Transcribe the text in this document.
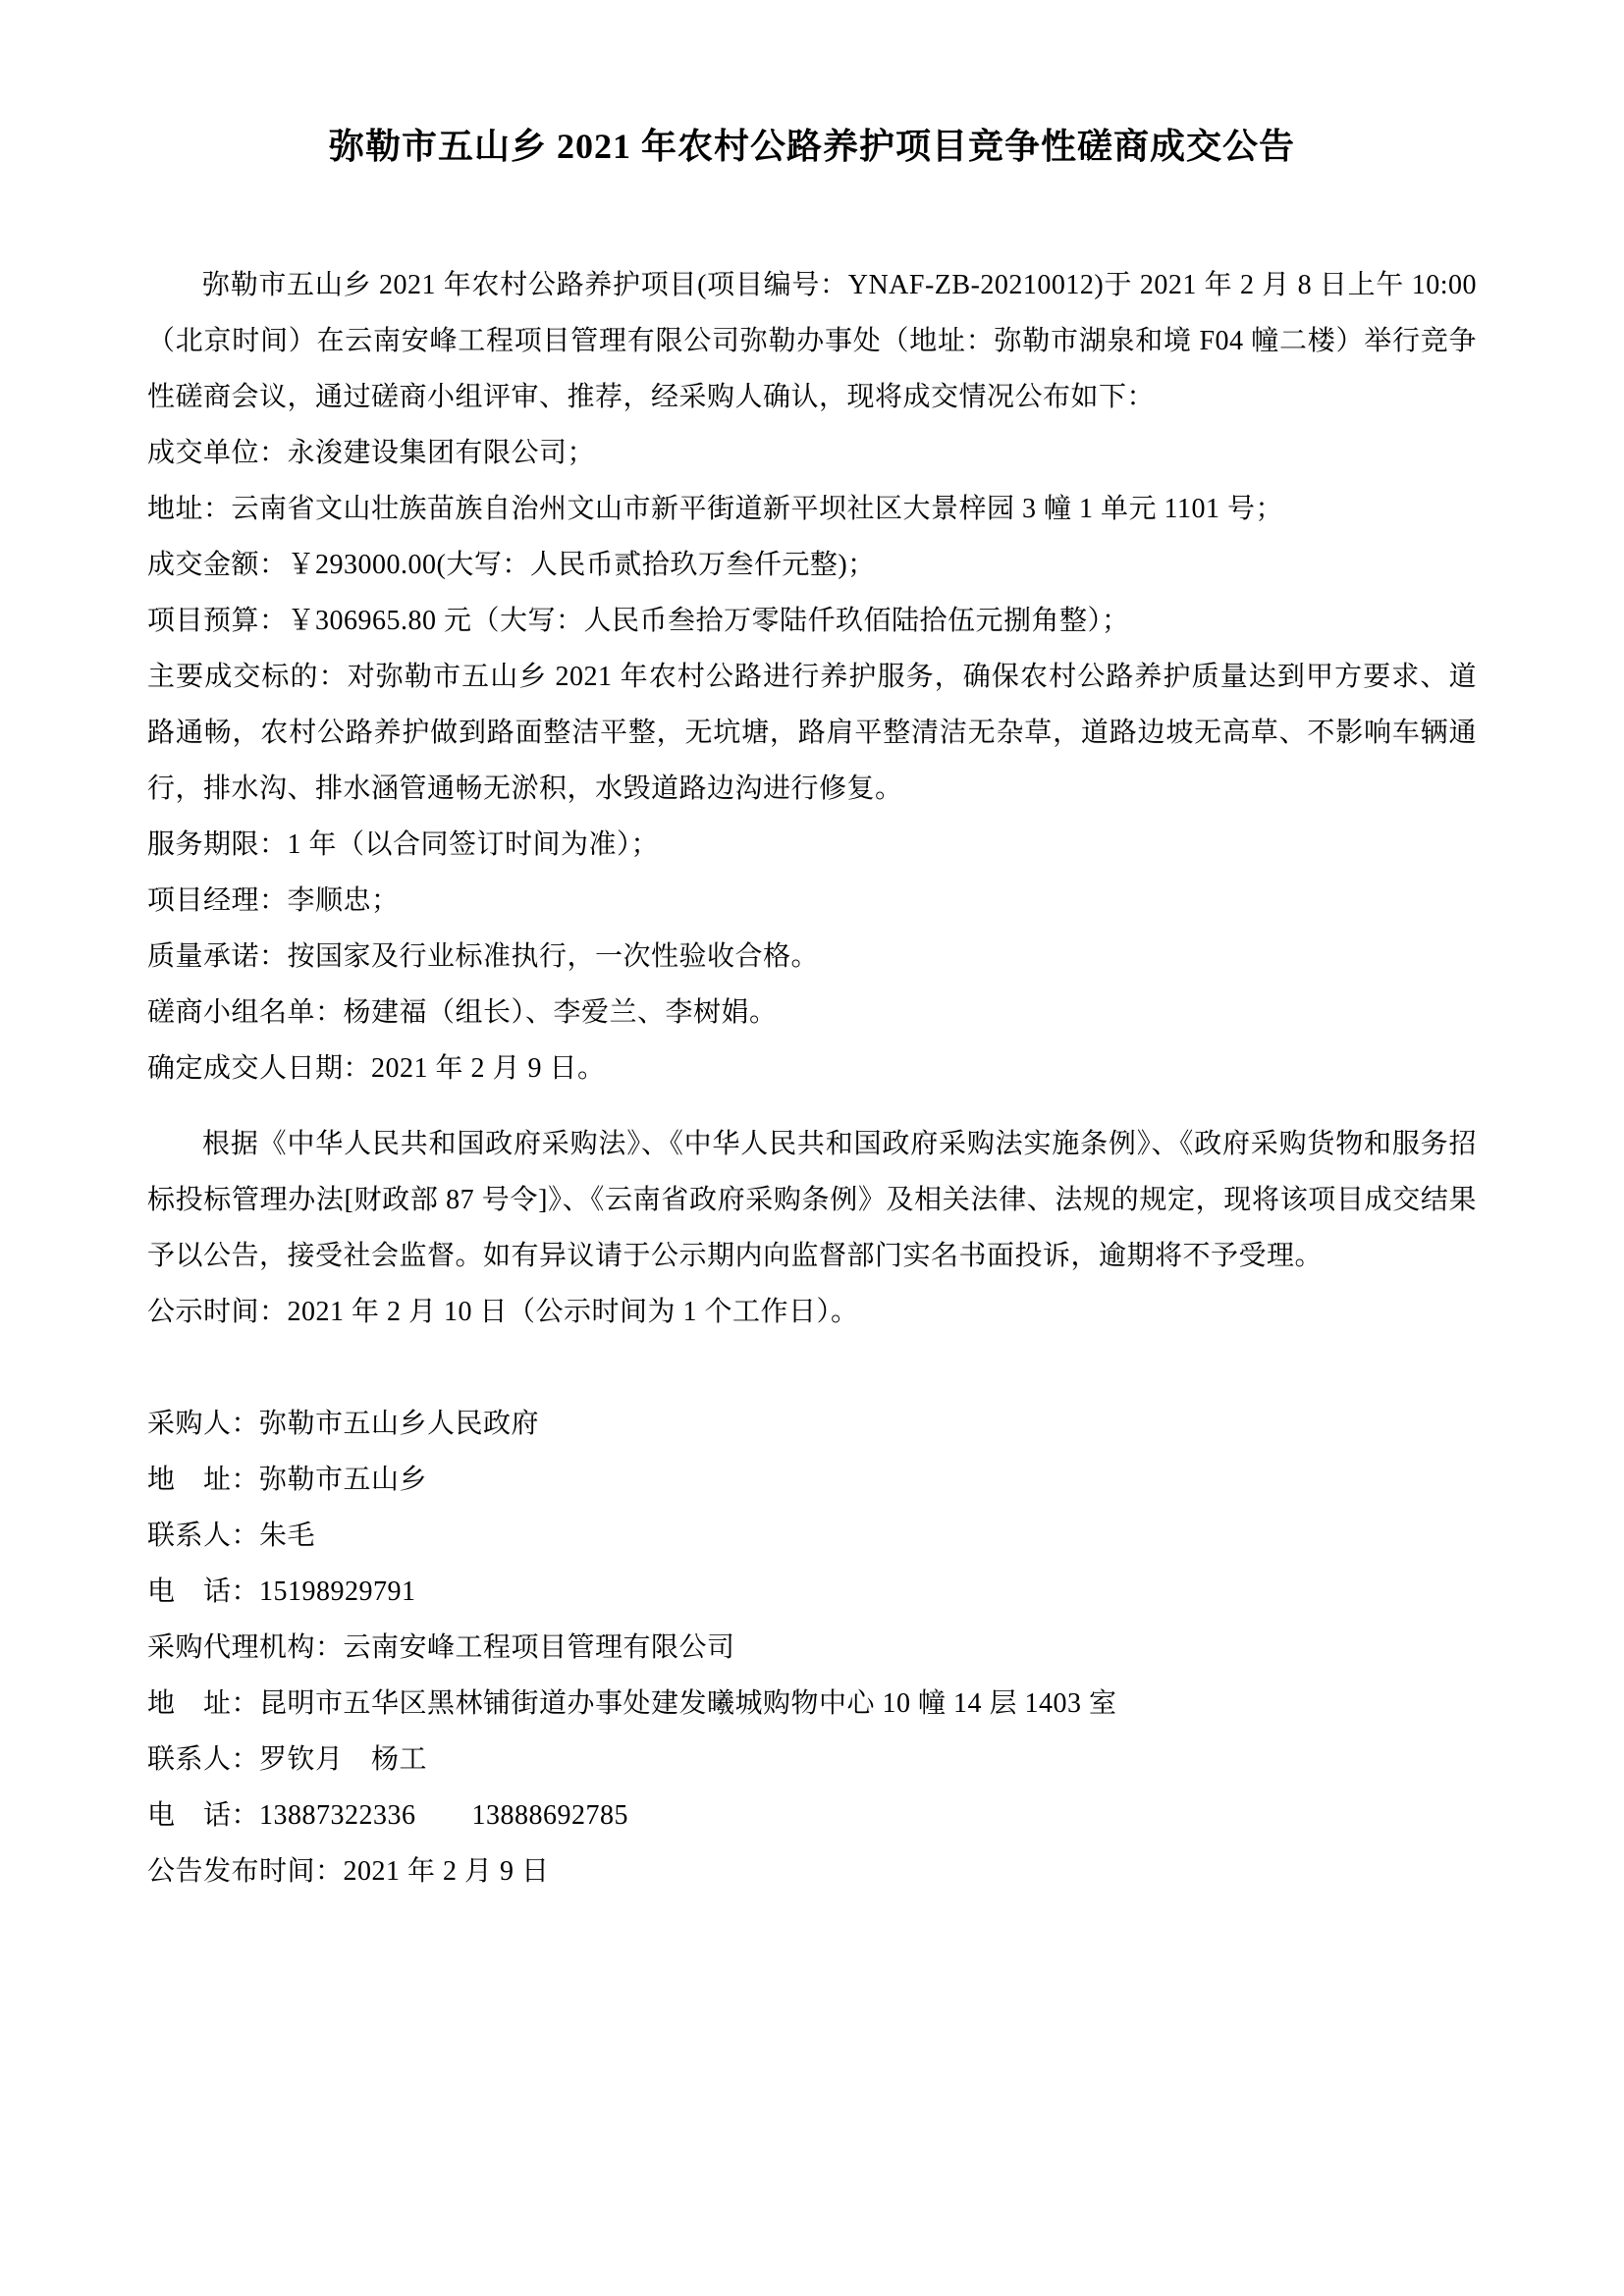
弥勒市五山乡 2021 年农村公路养护项目竞争性磋商成交公告

弥勒市五山乡 2021 年农村公路养护项目(项目编号：YNAF-ZB-20210012)于 2021 年 2 月 8 日上午 10:00（北京时间）在云南安峰工程项目管理有限公司弥勒办事处（地址：弥勒市湖泉和境 F04 幢二楼）举行竞争性磋商会议，通过磋商小组评审、推荐，经采购人确认，现将成交情况公布如下：

成交单位：永浚建设集团有限公司；

地址：云南省文山壮族苗族自治州文山市新平街道新平坝社区大景梓园 3 幢 1 单元 1101 号；

成交金额：￥293000.00(大写：人民币贰拾玖万叁仟元整)；

项目预算：￥306965.80 元（大写：人民币叁拾万零陆仟玖佰陆拾伍元捌角整）；

主要成交标的：对弥勒市五山乡 2021 年农村公路进行养护服务，确保农村公路养护质量达到甲方要求、道路通畅，农村公路养护做到路面整洁平整，无坑塘，路肩平整清洁无杂草，道路边坡无高草、不影响车辆通行，排水沟、排水涵管通畅无淤积，水毁道路边沟进行修复。

服务期限：1 年（以合同签订时间为准）；

项目经理：李顺忠；

质量承诺：按国家及行业标准执行，一次性验收合格。

磋商小组名单：杨建福（组长）、李爱兰、李树娟。

确定成交人日期：2021 年 2 月 9 日。

根据《中华人民共和国政府采购法》、《中华人民共和国政府采购法实施条例》、《政府采购货物和服务招标投标管理办法[财政部 87 号令]》、《云南省政府采购条例》及相关法律、法规的规定，现将该项目成交结果予以公告，接受社会监督。如有异议请于公示期内向监督部门实名书面投诉，逾期将不予受理。

公示时间：2021 年 2 月 10 日（公示时间为 1 个工作日）。

采购人：弥勒市五山乡人民政府

地　址：弥勒市五山乡

联系人：朱毛

电　话：15198929791

采购代理机构：云南安峰工程项目管理有限公司

地　址：昆明市五华区黑林铺街道办事处建发曦城购物中心 10 幢 14 层 1403 室

联系人：罗钦月　杨工

电　话：13887322336　　13888692785

公告发布时间：2021 年 2 月 9 日
